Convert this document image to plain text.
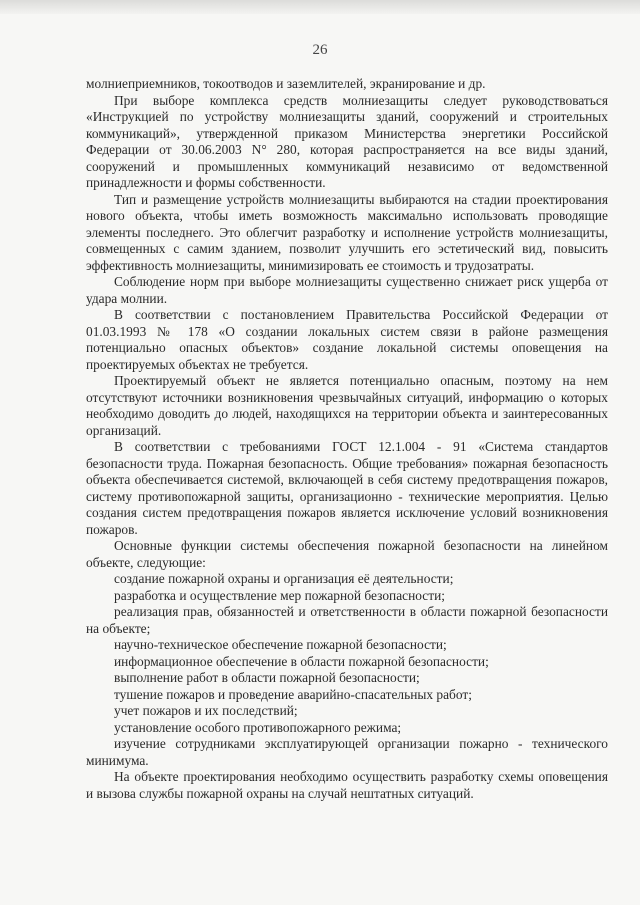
26

молниеприемников, токоотводов и заземлителей, экранирование и др.

При выборе комплекса средств молниезащиты следует руководствоваться «Инструкцией по устройству молниезащиты зданий, сооружений и строительных коммуникаций», утвержденной приказом Министерства энергетики Российской Федерации от 30.06.2003 N° 280, которая распространяется на все виды зданий, сооружений и промышленных коммуникаций независимо от ведомственной принадлежности и формы собственности.

Тип и размещение устройств молниезащиты выбираются на стадии проектирования нового объекта, чтобы иметь возможность максимально использовать проводящие элементы последнего. Это облегчит разработку и исполнение устройств молниезащиты, совмещенных с самим зданием, позволит улучшить его эстетический вид, повысить эффективность молниезащиты, минимизировать ее стоимость и трудозатраты.

Соблюдение норм при выборе молниезащиты существенно снижает риск ущерба от удара молнии.

В соответствии с постановлением Правительства Российской Федерации от 01.03.1993 № 178 «О создании локальных систем связи в районе размещения потенциально опасных объектов» создание локальной системы оповещения на проектируемых объектах не требуется.

Проектируемый объект не является потенциально опасным, поэтому на нем отсутствуют источники возникновения чрезвычайных ситуаций, информацию о которых необходимо доводить до людей, находящихся на территории объекта и заинтересованных организаций.

В соответствии с требованиями ГОСТ 12.1.004 - 91 «Система стандартов безопасности труда. Пожарная безопасность. Общие требования» пожарная безопасность объекта обеспечивается системой, включающей в себя систему предотвращения пожаров, систему противопожарной защиты, организационно - технические мероприятия. Целью создания систем предотвращения пожаров является исключение условий возникновения пожаров.

Основные функции системы обеспечения пожарной безопасности на линейном объекте, следующие:

создание пожарной охраны и организация её деятельности;

разработка и осуществление мер пожарной безопасности;

реализация прав, обязанностей и ответственности в области пожарной безопасности на объекте;

научно-техническое обеспечение пожарной безопасности;

информационное обеспечение в области пожарной безопасности;

выполнение работ в области пожарной безопасности;

тушение пожаров и проведение аварийно-спасательных работ;

учет пожаров и их последствий;

установление особого противопожарного режима;

изучение сотрудниками эксплуатирующей организации пожарно - технического минимума.

На объекте проектирования необходимо осуществить разработку схемы оповещения и вызова службы пожарной охраны на случай нештатных ситуаций.
